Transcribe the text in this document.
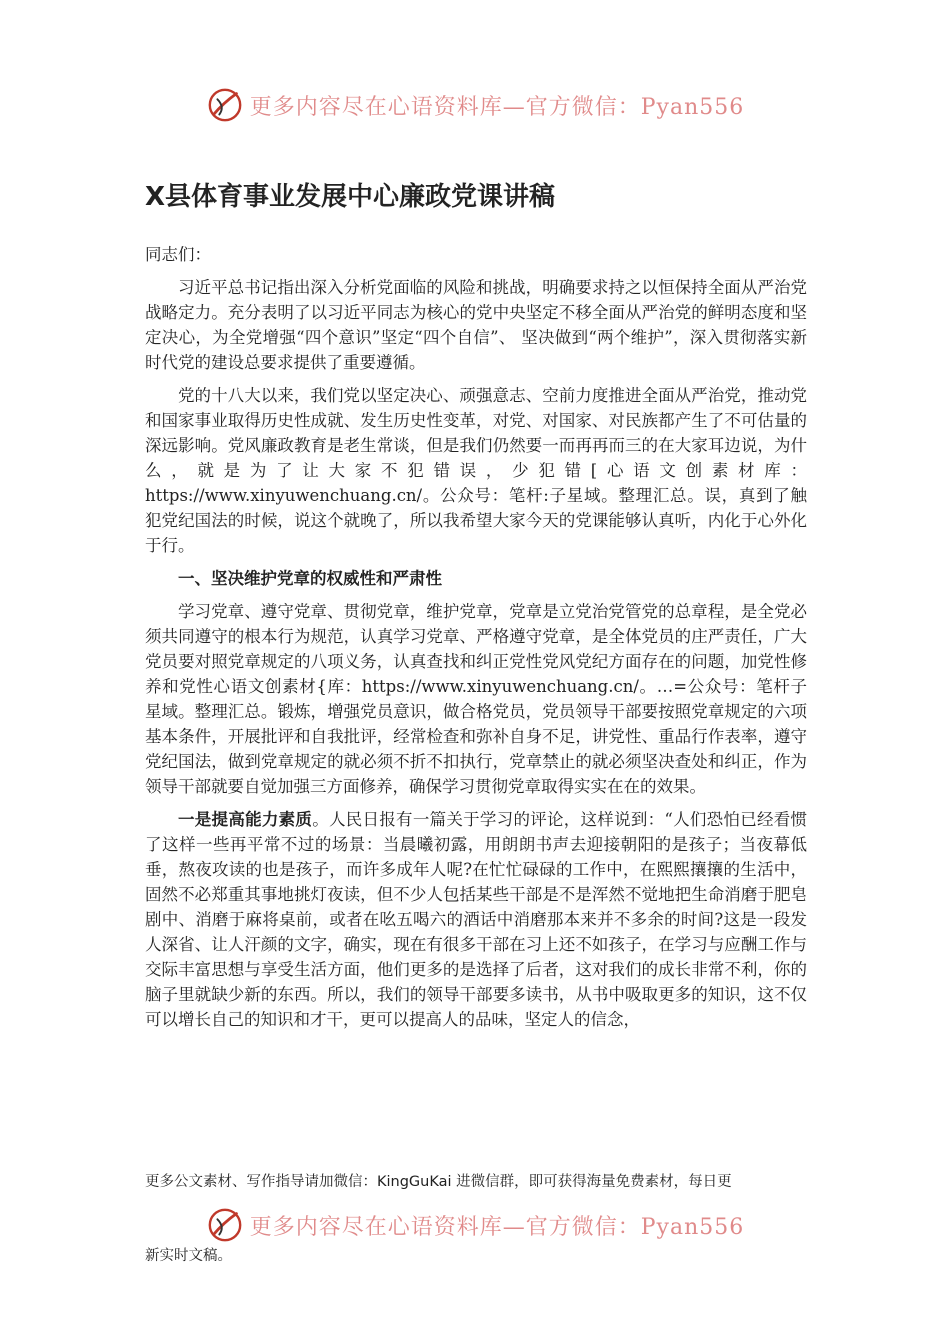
更多内容尽在心语资料库—官方微信：Pyan556
X县体育事业发展中心廉政党课讲稿

同志们：

习近平总书记指出深入分析党面临的风险和挑战，明确要求持之以恒保持全面从严治党战略定力。充分表明了以习近平同志为核心的党中央坚定不移全面从严治党的鲜明态度和坚定决心，为全党增强“四个意识”坚定“四个自信”、 坚决做到“两个维护”，深入贯彻落实新时代党的建设总要求提供了重要遵循。

党的十八大以来，我们党以坚定决心、顽强意志、空前力度推进全面从严治党，推动党和国家事业取得历史性成就、发生历史性变革，对党、对国家、对民族都产生了不可估量的深远影响。党风廉政教育是老生常谈，但是我们仍然要一而再再而三的在大家耳边说，为什么，就是为了让大家不犯错误，少犯错[心语文创素材库：https://www.xinyuwenchuang.cn/。公众号：笔杆:子星域。整理汇总。误，真到了触犯党纪国法的时候，说这个就晚了，所以我希望大家今天的党课能够认真听，内化于心外化于行。

一、坚决维护党章的权威性和严肃性

学习党章、遵守党章、贯彻党章，维护党章，党章是立党治党管党的总章程，是全党必须共同遵守的根本行为规范，认真学习党章、严格遵守党章，是全体党员的庄严责任，广大党员要对照党章规定的八项义务，认真查找和纠正党性党风党纪方面存在的问题，加党性修养和党性心语文创素材{库：https://www.xinyuwenchuang.cn/。…=公众号：笔杆子星域。整理汇总。锻炼，增强党员意识，做合格党员，党员领导干部要按照党章规定的六项基本条件，开展批评和自我批评，经常检查和弥补自身不足，讲党性、重品行作表率，遵守党纪国法，做到党章规定的就必须不折不扣执行，党章禁止的就必须坚决查处和纠正，作为领导干部就要自觉加强三方面修养，确保学习贯彻党章取得实实在在的效果。

一是提高能力素质。人民日报有一篇关于学习的评论，这样说到：“人们恐怕已经看惯了这样一些再平常不过的场景：当晨曦初露，用朗朗书声去迎接朝阳的是孩子；当夜幕低垂，熬夜攻读的也是孩子，而许多成年人呢?在忙忙碌碌的工作中，在熙熙攘攘的生活中，固然不必郑重其事地挑灯夜读，但不少人包括某些干部是不是浑然不觉地把生命消磨于肥皂剧中、消磨于麻将桌前，或者在吆五喝六的酒话中消磨那本来并不多余的时间?这是一段发人深省、让人汗颜的文字，确实，现在有很多干部在习上还不如孩子，在学习与应酬工作与交际丰富思想与享受生活方面，他们更多的是选择了后者，这对我们的成长非常不利，你的脑子里就缺少新的东西。所以，我们的领导干部要多读书，从书中吸取更多的知识，这不仅可以增长自己的知识和才干，更可以提高人的品味，坚定人的信念，

更多公文素材、写作指导请加微信：KingGuKai 进微信群，即可获得海量免费素材，每日更
更多内容尽在心语资料库—官方微信：Pyan556
新实时文稿。
